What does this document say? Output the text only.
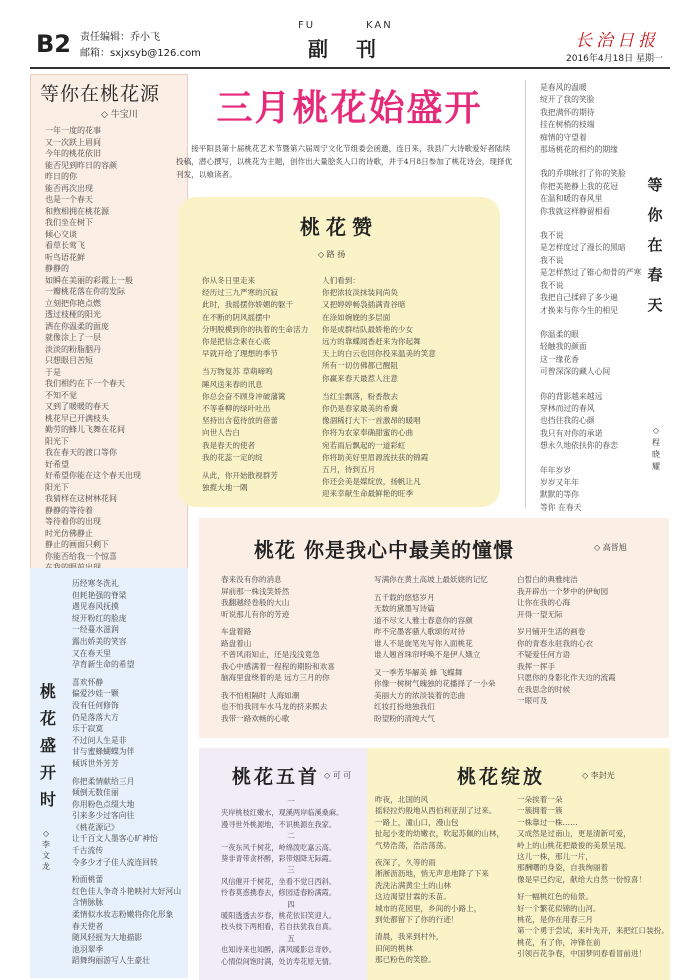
B2 责任编辑：乔小飞
邮箱：sxjxsyb@126.com
FU	KAN
副刊	长治日报
2016年4月18日 星期一
等你在桃花源
◇ 牛宝川
一年一度的花事
又一次跃上眉间
今年的桃花依旧
能否见到昨日的容颜
昨日的你
能否再次出现
也是一个春天
和煦相拥在桃花源
我们坐在树下
倾心交谈
看草长莺飞
听鸟语花鲜
静静的
如瞬在美丽的彩霞上一般
一瓣桃花落在你的发际
立刻把你艳点燃
透过枝桠的阳光
洒在你温柔的面庞
就像涂上了一层
淡淡的粉脂胭丹
只想眼目苦短
于是
我们相约在下一个春天
不知不觉
又到了暖暖的春天
桃花早已开满枝头
勤劳的蜂儿飞舞在花间
阳光下
我在春天的渡口等你
好希望
好希望你能在这个春天出现
阳光下
我猜样在这树林花间
静静的等待着
等待着你的出现
时光仿佛静止
静止的画面只剩下
你能否给我一个惊喜
三月桃花始盛开
接平阳县第十届桃花艺术节暨第六届周宁文化节组委会函邀，连日来，我县广大诗歌爱好者陆续投稿，潜心撰写，以桃花为主题，创作出大量脍炙人口的诗歌，并于4月8日参加了桃花诗会，现择优刊发，以飨读者。
桃花赞
◇ 路 扬
你从冬日里走来
经历过三九严寒的沉寂
此时，我摇摆你娇媚的躯干
在不断的阴风摇摆中
分明脱模到你的执着的生命活力
你是把信念素在心底
早就开给了理想的季节
当万物复苏 草萌啼鸣
睡风送来春的讯息
你总会奋不顾身冲破藩篱
不等垂柳的绿叶吐出
坚持出含苞待放的蓓蕾
向世人告白
我是春天的使者
我的花蕊一定的绽
从此，你开始散视群芳
独揽大地一隅
人们看到：
你把浓妆淡抹装间尚奂
又把婷婷畅袅插满青谷暗
在涂如婉娩的多层面
你是成群结队最娇艳的少女
远方的靠蝶闻香赶来为你起舞
天上的白云也回你投来温美的笑意
所有一切仿佛都已醒阻
你赢来春天最惹人注意
当红尘飘落，粉香散去
你仍是春家最美的希冀
像涸稀打大下一首激昂的暖唱
你将为农家奉确甜蜜的心曲
宛若雨后飘起的一道彩虹
你将助美好里眉源流扶获的锦霞
五月，待到五月
你还会美是媒绽放，扬帆让凡
迎来幸献生命最鲜艳的旺季
是春风的温暖
绽开了我的笑脸
我把满怀的期待
挂在树梢的枝端
痴情的守望着
那场桃花的相约的期缘
我的乔琪帐打了你的笑脸
你把美艳静上我的花冠
在温和暖的春风里
你我就这样静留相看
我不说
是怎样度过了漫长的黑暗
我不说
是怎样熬过了锥心彻骨的严寒
我不说
我把自己揉碎了多少遍
才换来与你今生的相见
你温柔的眼
轻触我的颜面
这一缘花香
可曾深深的藏人心间
你的背影越来越远
穿林而过的春风
也挡住我的心颜
我只有对你的承诺
想永久地依扶你的春恋
年年岁岁
岁岁又年年
默默的等你
等你 在春天
等
你
在
春
天
◇
程
晓
耀
桃花 你是我心中最美的憧憬	◇ 高晋旭
春来没有你的消息
屏前那一株浅笑娇然
我翻越经卷般的大山
听说那儿有你的芳迹
车盘着路
路盘着山
不曾风雨知止，还是浅浅竟急
我心中感满着一程程的期盼和欢喜
脑海里盘绕着的是 远方三月的你
我不怕相隔时 人海如潮
也不怕我同车水马龙的挤来熙去
我带一路欢畅的心歌
写满你在黄土高坡上最妖娆的记忆
五千载的悠悠岁月
无数的黛墨写诗篇
道不尽文人雅士春意你的容颜
昨不完墨客骚人歌颂的对待
谁人不是旋笔先写你入面桃花
谁人翘首珠帘呼唤不是伊人娥立
又一季芳华解美 蜂 飞蝶舞
你像一树树气魄独的花播择了一小朵
美丽大方的浓淡装着的恋曲
红妆打扮地独我们
盼望粉的清纯大气
白皙白的典雅纯洁
我开辟出一个梦中的伊甸园
让你在我的心海
开得一望无际
岁月铺开生活的画卷
你的青春永驻我的心衣
不疑爱任何方语
我挥一挥手
只愿你的身影化作天边的流霞
在我思念的时候
一眼可及
桃
花
盛
开
时
◇
李
文
龙
历经寒冬洗礼
但耗艳强的脊梁
遇见春风抚摸
绽开粉红的脸庞
一经蔓水滋润
露出娇美的笑容
又在春天里
孕育新生命的希望
喜欢怀静
偏爱沙娃一颗
没有任何修饰
仍是落落大方
乐于寂寞
不过问人生是非
甘与蜜蜂蝴蝶为伴
倾诉世外芳芳
你把柔情献给三月
倾倒无数佳丽
你用粉色点缀大地
引来多少过客向往
《桃花源记》
让千百文人墨客心旷神怡
千古流传
令多少才子佳人流连回转
粉面桃蕾
红色佳人争奇斗艳映衬大好河山
含情脉脉
柔情似水妆志粉嫩将你化形象
春天使者
随风轻摇为大地描影
池羽翠季
蹈舞绚丽游写人生豪壮
桃花五首 ◇ 可 可
一
夹岸桃枝红嫩水，观溪两岸临溪桑麻。
漫寻世外桃源地，不识桃源在我家。
二
一夜东风千树花，岭绵泼吃嘉云高。
葵非青带贪杯醉，彩带烟降无际霞。
三
风信催开千树花，坐看不觉日西斜。
怜春莫惑携春去，修园适春粉满霞。
四
暖阳透透去岁春，桃花依旧笑迎人。
枝头枝下两相看，若自扶犹我自真。
五
也知诗来也知醉，满风暖影总奇妙。
心情似间饱时满，处访寿花原无情。
桃花绽放	◇ 李封光
昨夜，北国的风
摇轻拉灼般地从西伯利亚刮了过来。
一路上，潼山口，漫山包
扯起小麦的幼嫩衣，吹起苏佩的山林，
气势浩荡，浩浩荡荡。
夜深了，久等的雨
淅淅沥沥地，悄无声息地降了下来
洗洗沾满黄尘土的山林
这边渴望甘霖的禾苗。
城市的花园里，乡间的小路上，
到处都留下了你的行迹！
清晨，我来到村外，
田间的桃林
那已粉色的笑脸。
一朵挨着一朵
一簇拥着一簇
一株靠过一株……
又成然是过南山，更是清新可爱，
岭上的山桃花把最俊的美景呈现。
这儿一株，那儿一片，
那酬曙的身姿，自我绚丽着
像是早已约定，献给大自然一份惊喜！
好一幅桃红色的仙景。
好一个繁花似锦的山河。
桃花，是你在用春三月
第一个勇于尝试，来叶先开，来把红口装扮。
桃花，有了你，冲锋在前
引领百花争春，中国梦同春看冒前进！
